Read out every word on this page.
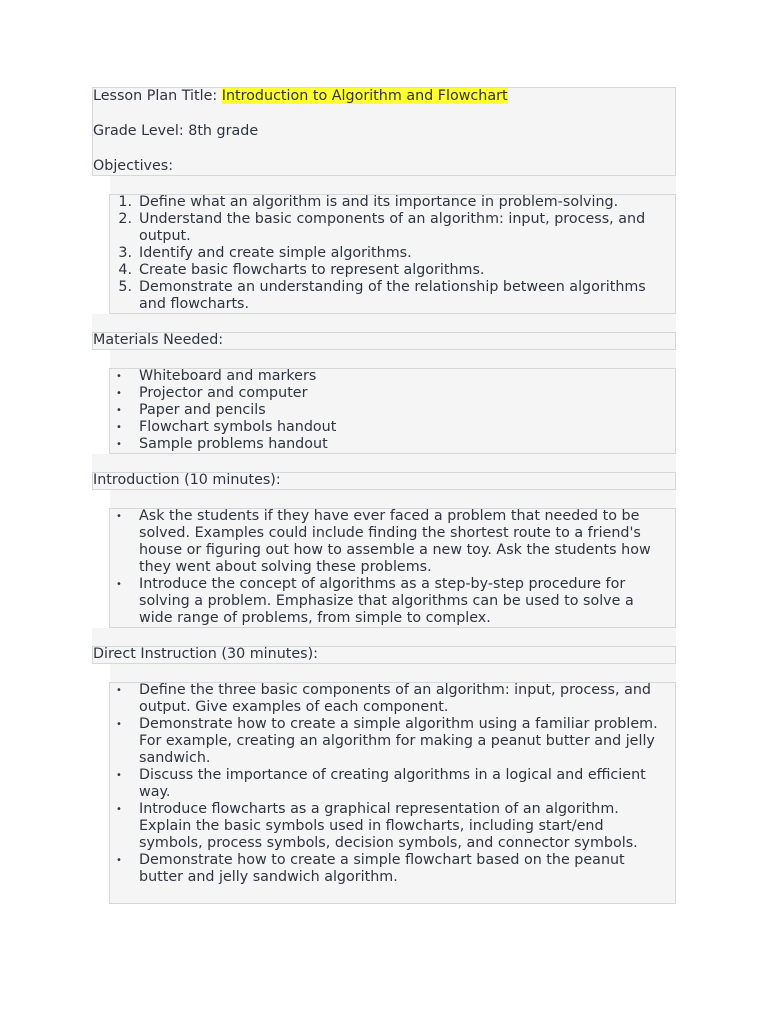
Lesson Plan Title: Introduction to Algorithm and Flowchart
Grade Level: 8th grade
Objectives:
1. Define what an algorithm is and its importance in problem-solving.
2. Understand the basic components of an algorithm: input, process, and output.
3. Identify and create simple algorithms.
4. Create basic flowcharts to represent algorithms.
5. Demonstrate an understanding of the relationship between algorithms and flowcharts.
Materials Needed:
• Whiteboard and markers
• Projector and computer
• Paper and pencils
• Flowchart symbols handout
• Sample problems handout
Introduction (10 minutes):
• Ask the students if they have ever faced a problem that needed to be solved. Examples could include finding the shortest route to a friend's house or figuring out how to assemble a new toy. Ask the students how they went about solving these problems.
• Introduce the concept of algorithms as a step-by-step procedure for solving a problem. Emphasize that algorithms can be used to solve a wide range of problems, from simple to complex.
Direct Instruction (30 minutes):
• Define the three basic components of an algorithm: input, process, and output. Give examples of each component.
• Demonstrate how to create a simple algorithm using a familiar problem. For example, creating an algorithm for making a peanut butter and jelly sandwich.
• Discuss the importance of creating algorithms in a logical and efficient way.
• Introduce flowcharts as a graphical representation of an algorithm. Explain the basic symbols used in flowcharts, including start/end symbols, process symbols, decision symbols, and connector symbols.
• Demonstrate how to create a simple flowchart based on the peanut butter and jelly sandwich algorithm.
